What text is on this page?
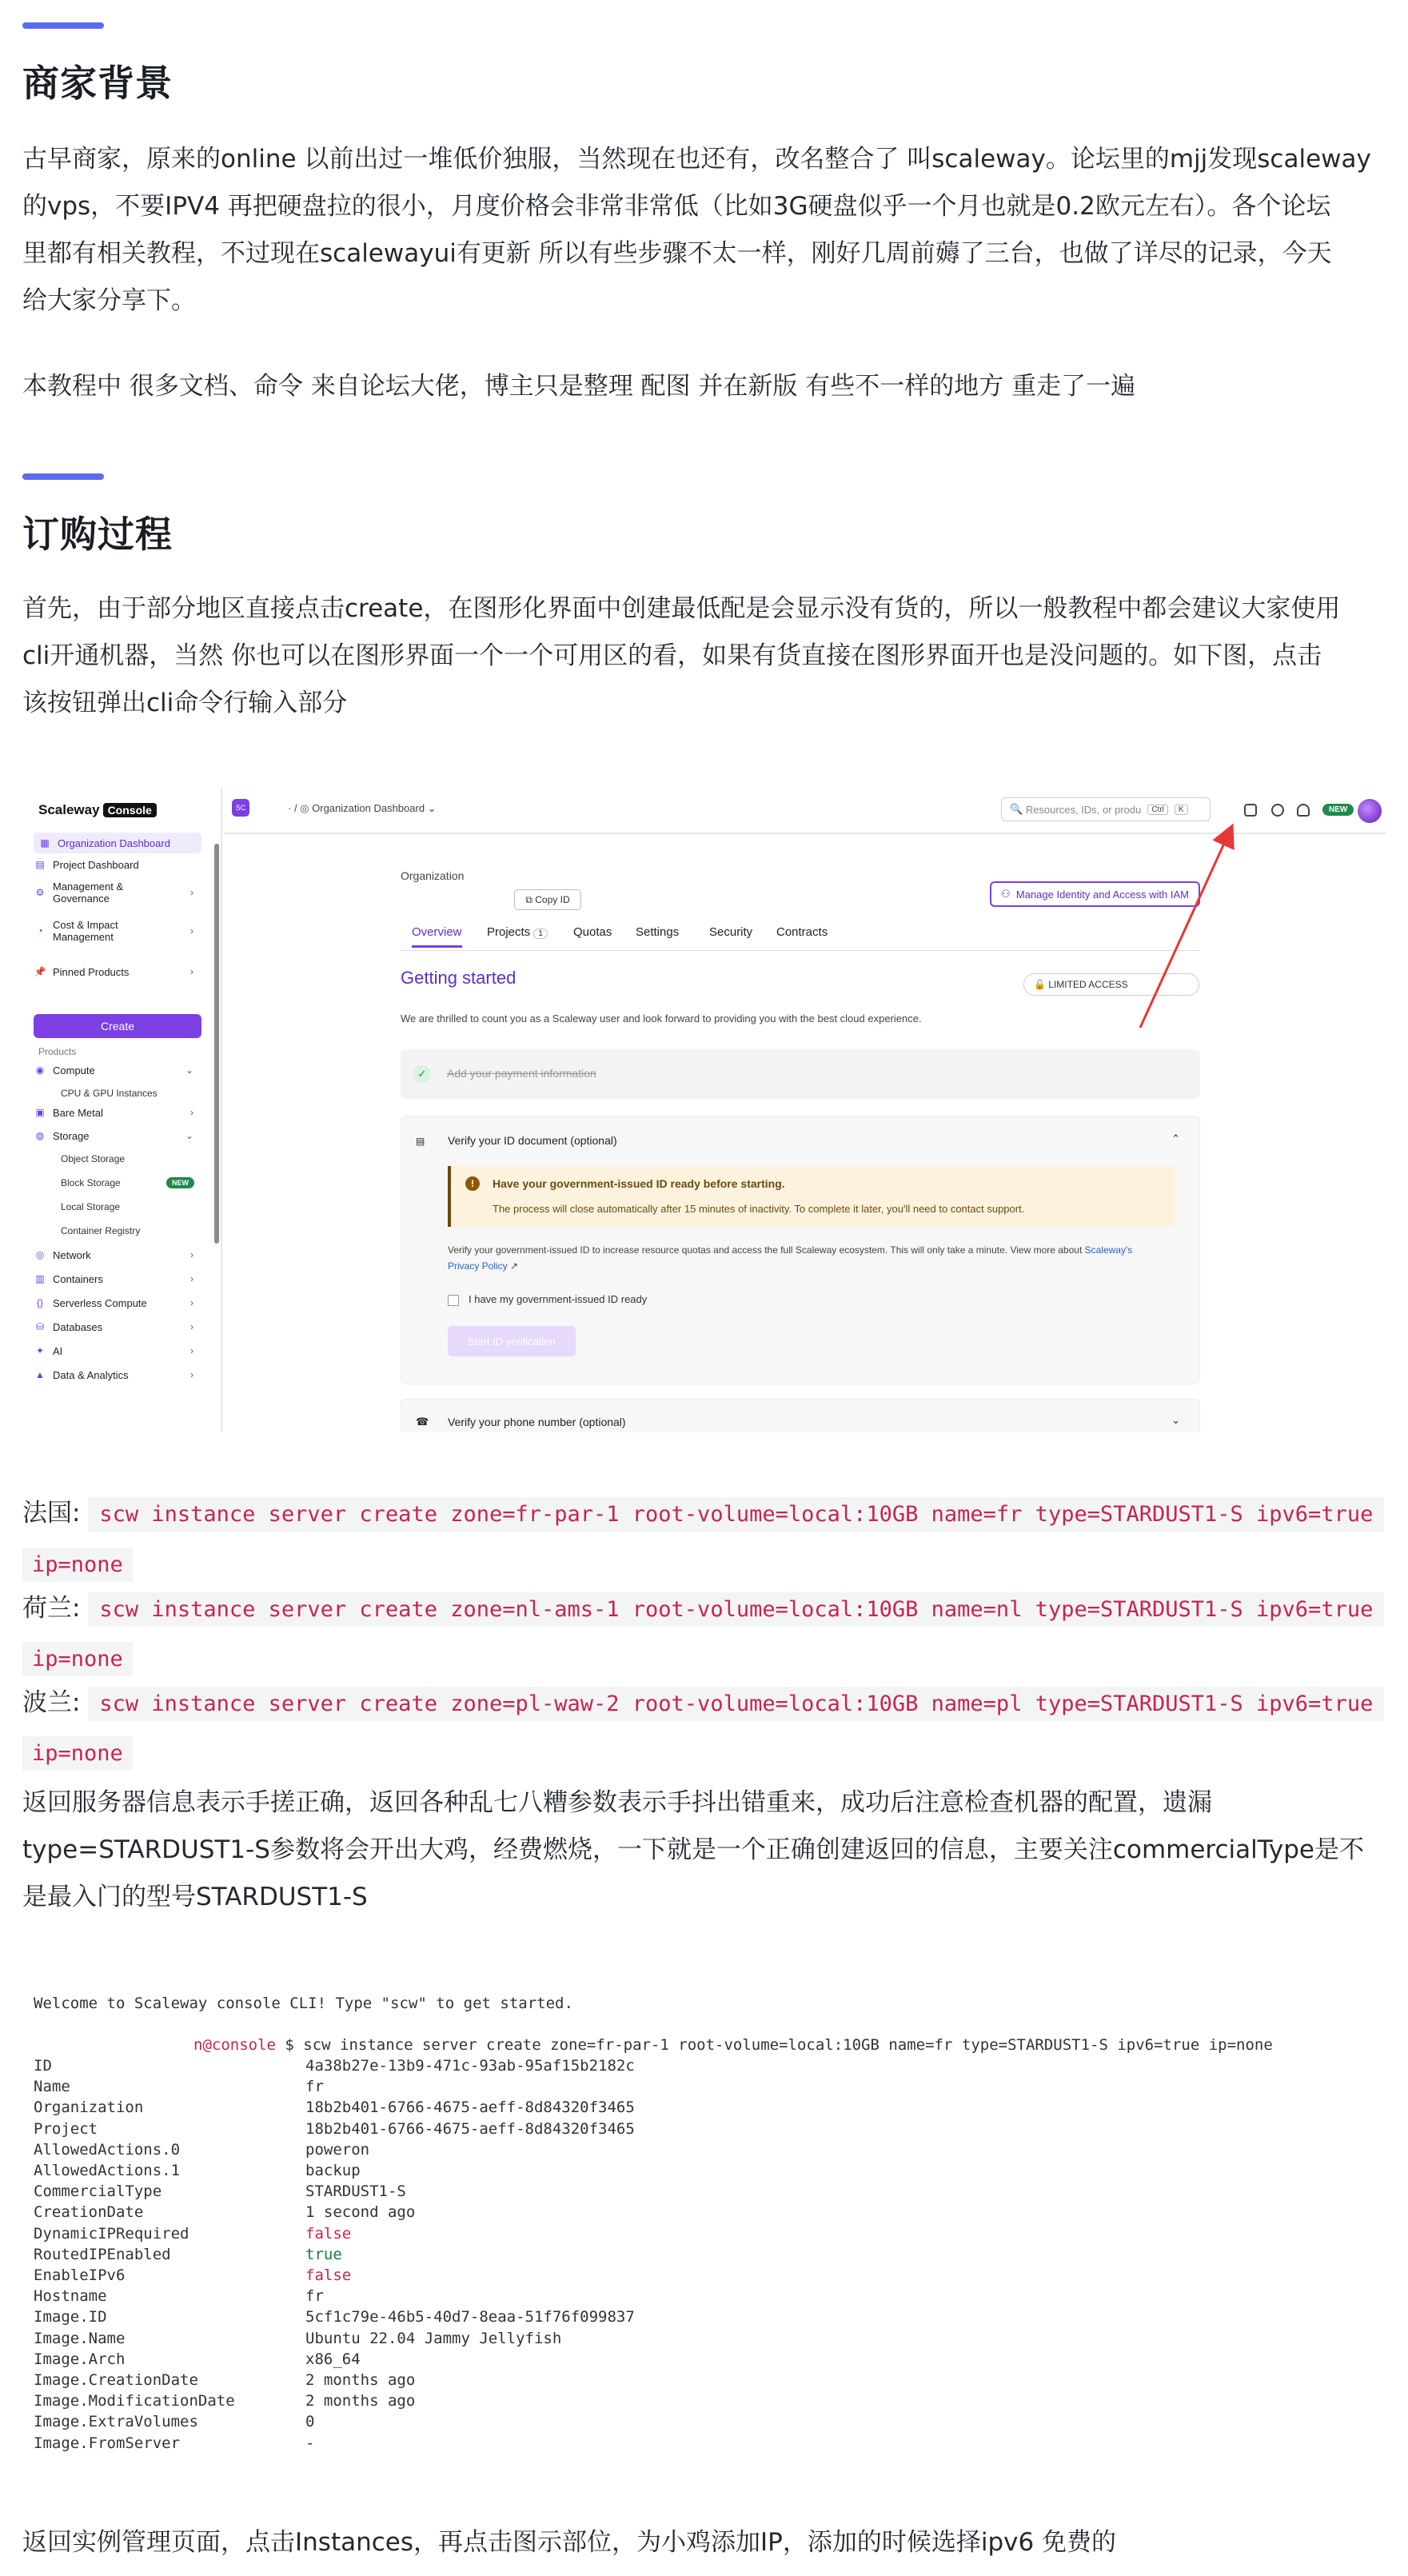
商家背景
古早商家，原来的online 以前出过一堆低价独服，当然现在也还有，改名整合了 叫scaleway。论坛里的mjj发现scaleway
的vps，不要IPV4 再把硬盘拉的很小，月度价格会非常非常低（比如3G硬盘似乎一个月也就是0.2欧元左右）。各个论坛
里都有相关教程，不过现在scalewayui有更新 所以有些步骤不太一样，刚好几周前薅了三台，也做了详尽的记录，今天
给大家分享下。
本教程中 很多文档、命令 来自论坛大佬，博主只是整理 配图 并在新版 有些不一样的地方 重走了一遍
订购过程
首先，由于部分地区直接点击create，在图形化界面中创建最低配是会显示没有货的，所以一般教程中都会建议大家使用
cli开通机器，当然 你也可以在图形界面一个一个可用区的看，如果有货直接在图形界面开也是没问题的。如下图，点击
该按钮弹出cli命令行输入部分
Scaleway Console
▦ Organization Dashboard
▤ Project Dashboard
⚙ Management & Governance	›
◔ Cost & Impact Management	›
📌 Pinned Products	›
Create
Products
◉ Compute	⌄
CPU & GPU Instances
▣ Bare Metal	›
◍ Storage	⌄
Object Storage
Block Storage	NEW
Local Storage
Container Registry
◎ Network	›
▥ Containers	›
{} Serverless Compute	›
⛁ Databases	›
✦ AI	›
▲ Data & Analytics	›
SC	· / ◎ Organization Dashboard ⌄	🔍 Resources, IDs, or produ	Ctrl	K	NEW
Organization
⧉ Copy ID	⚇ Manage Identity and Access with IAM
Overview Projects 1	Quotas Settings	Security Contracts
Getting started	🔓 LIMITED ACCESS
We are thrilled to count you as a Scaleway user and look forward to providing you with the best cloud experience.
✓	Add your payment information
Verify your ID document (optional)
▤	⌃
!	Have your government-issued ID ready before starting.
The process will close automatically after 15 minutes of inactivity. To complete it later, you'll need to contact support.
Verify your government-issued ID to increase resource quotas and access the full Scaleway ecosystem. This will only take a minute. View more about Scaleway's Privacy Policy ↗
I have my government-issued ID ready
Start ID verification
☎ Verify your phone number (optional)	⌄
法国: scw instance server create zone=fr-par-1 root-volume=local:10GB name=fr type=STARDUST1-S ipv6=true
ip=none
荷兰: scw instance server create zone=nl-ams-1 root-volume=local:10GB name=nl type=STARDUST1-S ipv6=true
ip=none
波兰: scw instance server create zone=pl-waw-2 root-volume=local:10GB name=pl type=STARDUST1-S ipv6=true
ip=none
返回服务器信息表示手搓正确，返回各种乱七八糟参数表示手抖出错重来，成功后注意检查机器的配置，遗漏
type=STARDUST1-S参数将会开出大鸡，经费燃烧，一下就是一个正确创建返回的信息，主要关注commercialType是不
是最入门的型号STARDUST1-S
Welcome to Scaleway console CLI! Type "scw" to get started.
n@console $ scw instance server create zone=fr-par-1 root-volume=local:10GB name=fr type=STARDUST1-S ipv6=true ip=none
ID	4a38b27e-13b9-471c-93ab-95af15b2182c
Name	fr
Organization	18b2b401-6766-4675-aeff-8d84320f3465
Project	18b2b401-6766-4675-aeff-8d84320f3465
AllowedActions.0	poweron
AllowedActions.1	backup
CommercialType	STARDUST1-S
CreationDate	1 second ago
DynamicIPRequired	false
RoutedIPEnabled	true
EnableIPv6	false
Hostname	fr
Image.ID	5cf1c79e-46b5-40d7-8eaa-51f76f099837
Image.Name	Ubuntu 22.04 Jammy Jellyfish
Image.Arch	x86_64
Image.CreationDate	2 months ago
Image.ModificationDate	2 months ago
Image.ExtraVolumes	0
Image.FromServer	-
返回实例管理页面，点击Instances，再点击图示部位，为小鸡添加IP，添加的时候选择ipv6 免费的
